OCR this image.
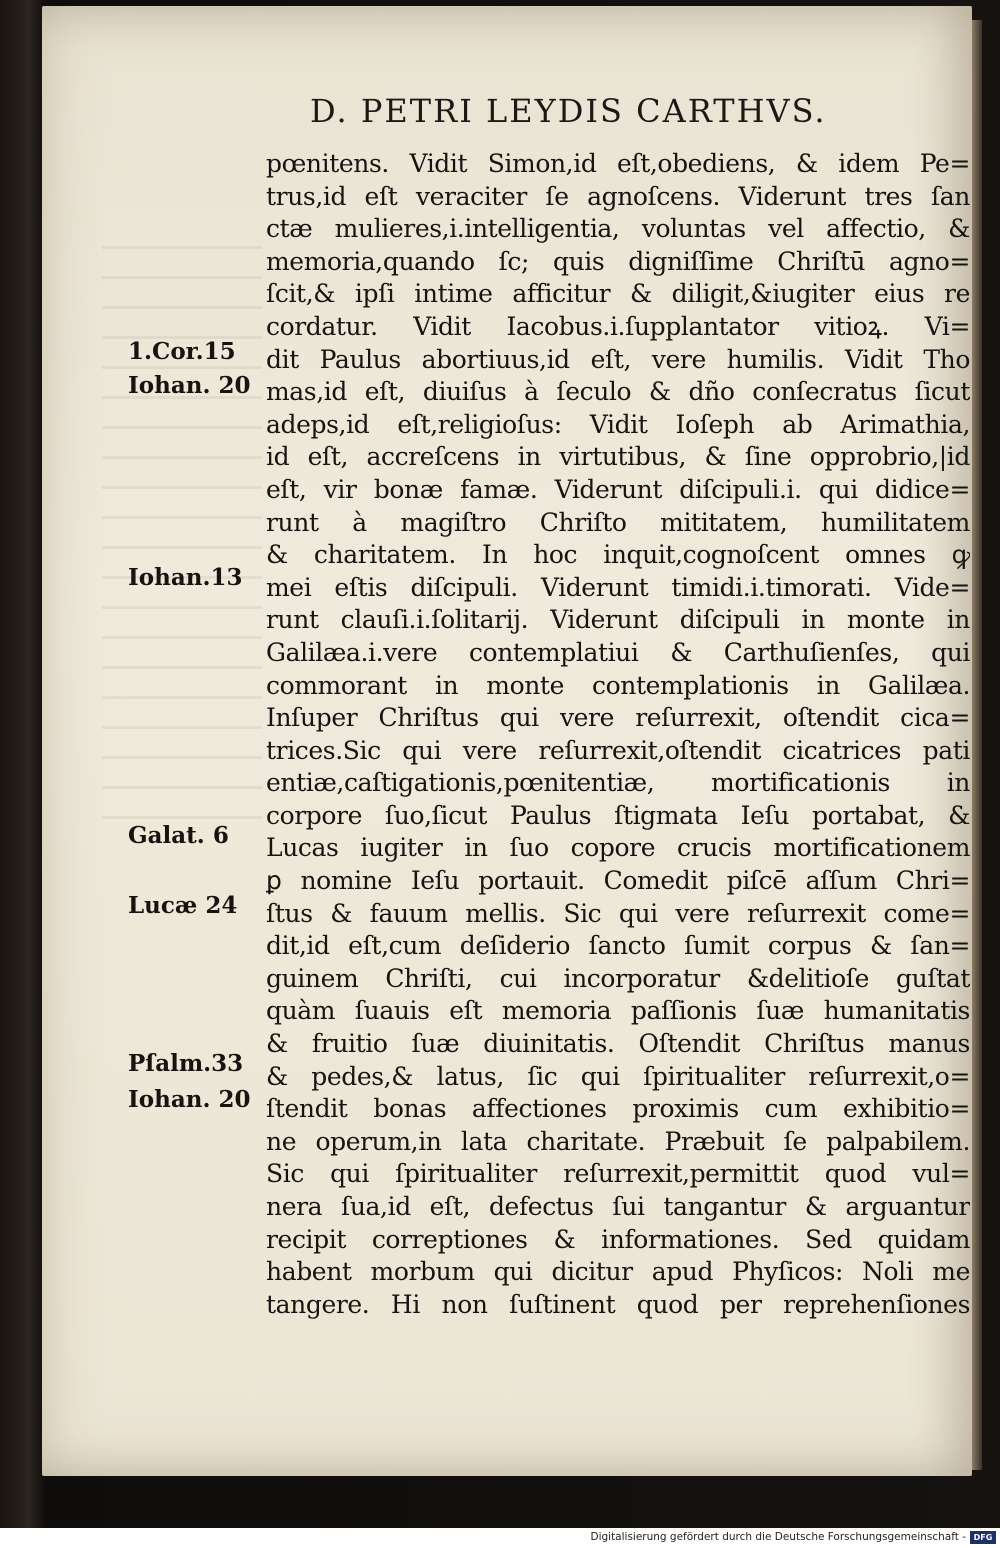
D. PETRI LEYDIS CARTHVS.
pœnitens. Vidit Simon,id eſt,obediens, & idem Pe=
trus,id eſt veraciter ſe agnoſcens. Viderunt tres ſan
ctæ mulieres,i.intelligentia, voluntas vel affectio, &
memoria,quando ſc; quis digniſſime Chriſtū agno=
ſcit,& ipſi intime afficitur & diligit,&iugiter eius re
cordatur. Vidit Iacobus.i.ſupplantator vitioꝝ. Vi=
dit Paulus abortiuus,id eſt, vere humilis. Vidit Tho
mas,id eſt, diuiſus à ſeculo & dño conſecratus ſicut
adeps,id eſt,religioſus: Vidit Ioſeph ab Arimathia,
id eſt, accreſcens in virtutibus, & ſine opprobrio,|id
eſt, vir bonæ famæ. Viderunt diſcipuli.i. qui didice=
runt à magiſtro Chriſto mititatem, humilitatem
& charitatem. In hoc inquit,cognoſcent omnes ꝙ
mei eſtis diſcipuli. Viderunt timidi.i.timorati. Vide=
runt clauſi.i.ſolitarij. Viderunt diſcipuli in monte in
Galilæa.i.vere contemplatiui & Carthuſienſes, qui
commorant in monte contemplationis in Galilæa.
Inſuper Chriſtus qui vere reſurrexit, oſtendit cica=
trices.Sic qui vere reſurrexit,oſtendit cicatrices pati
entiæ,caſtigationis,pœnitentiæ, mortificationis in
corpore ſuo,ſicut Paulus ſtigmata Ieſu portabat, &
Lucas iugiter in ſuo copore crucis mortificationem
ꝑ nomine Ieſu portauit. Comedit piſcē aſſum Chri=
ſtus & fauum mellis. Sic qui vere reſurrexit come=
dit,id eſt,cum deſiderio ſancto ſumit corpus & ſan=
guinem Chriſti, cui incorporatur &delitioſe guſtat
quàm ſuauis eſt memoria paſſionis ſuæ humanitatis
& fruitio ſuæ diuinitatis. Oſtendit Chriſtus manus
& pedes,& latus, ſic qui ſpiritualiter reſurrexit,o=
ſtendit bonas affectiones proximis cum exhibitio=
ne operum,in lata charitate. Præbuit ſe palpabilem.
Sic qui ſpiritualiter reſurrexit,permittit quod vul=
nera ſua,id eſt, defectus ſui tangantur & arguantur
recipit correptiones & informationes. Sed quidam
habent morbum qui dicitur apud Phyſicos: Noli me
tangere. Hi non ſuſtinent quod per reprehenſiones
1.Cor.15
Iohan. 20
Iohan.13
Galat. 6
Lucæ 24
Pſalm.33
Iohan. 20
Digitalisierung gefördert durch die Deutsche Forschungsgemeinschaft - DFG
